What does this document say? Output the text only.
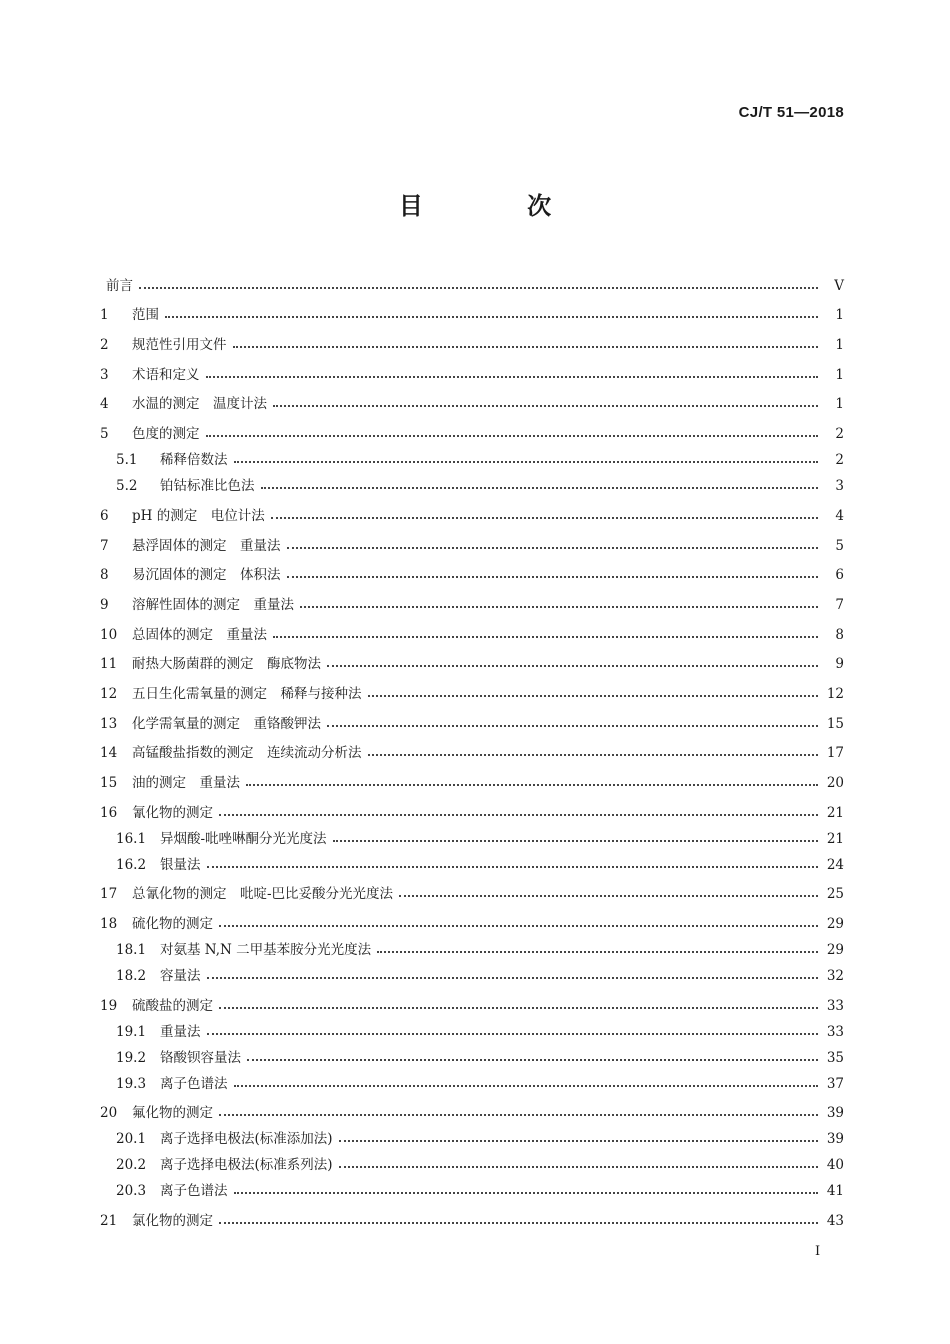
CJ/T 51—2018
目 次
前言	V
1	范围	1
2	规范性引用文件	1
3	术语和定义	1
4	水温的测定　温度计法	1
5	色度的测定	2
5.1	稀释倍数法	2
5.2	铂钴标准比色法	3
6	pH 的测定　电位计法	4
7	悬浮固体的测定　重量法	5
8	易沉固体的测定　体积法	6
9	溶解性固体的测定　重量法	7
10	总固体的测定　重量法	8
11	耐热大肠菌群的测定　酶底物法	9
12	五日生化需氧量的测定　稀释与接种法	12
13	化学需氧量的测定　重铬酸钾法	15
14	高锰酸盐指数的测定　连续流动分析法	17
15	油的测定　重量法	20
16	氰化物的测定	21
16.1	异烟酸-吡唑啉酮分光光度法	21
16.2	银量法	24
17	总氰化物的测定　吡啶-巴比妥酸分光光度法	25
18	硫化物的测定	29
18.1	对氨基 N,N 二甲基苯胺分光光度法	29
18.2	容量法	32
19	硫酸盐的测定	33
19.1	重量法	33
19.2	铬酸钡容量法	35
19.3	离子色谱法	37
20	氟化物的测定	39
20.1	离子选择电极法(标准添加法)	39
20.2	离子选择电极法(标准系列法)	40
20.3	离子色谱法	41
21	氯化物的测定	43
I
